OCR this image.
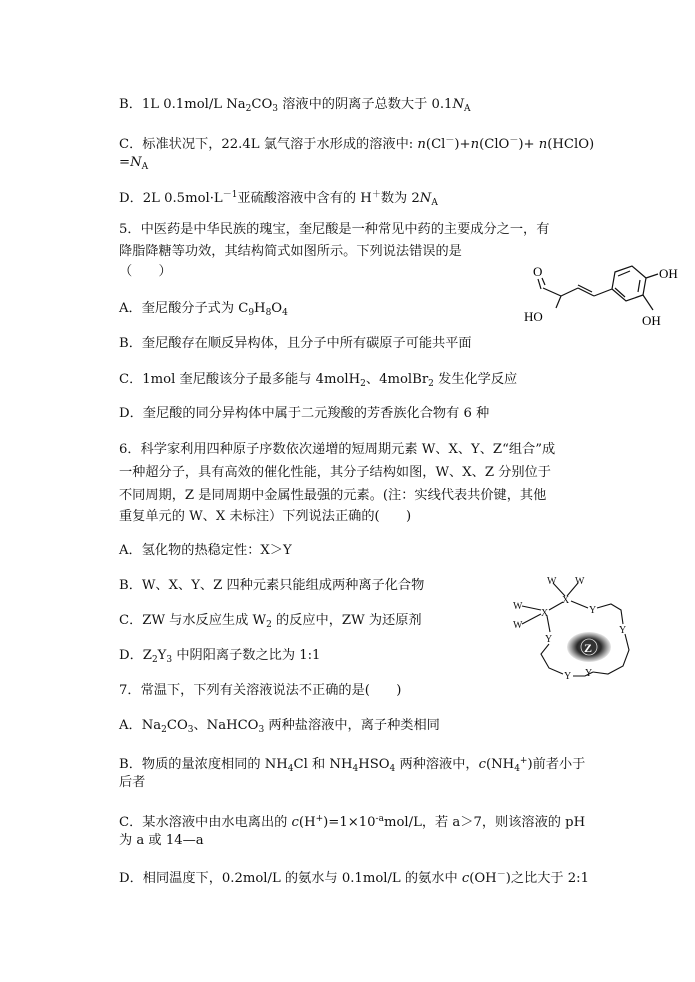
B．1L 0.1mol/L $Na_2CO_3$ 溶液中的阴离子总数大于 $0.1N_A$
C．标准状况下，22.4L 氯气溶于水形成的溶液中: n(Cl－)+n(ClO－)+ n(HClO)
$=N_A$
D．2L $0.5mol\cdot L^{-1}$亚硫酸溶液中含有的 H＋数为 $2N_A$
5．中医药是中华民族的瑰宝，奎尼酸是一种常见中药的主要成分之一，有
降脂降糖等功效，其结构简式如图所示。下列说法错误的是
（　　）
A．奎尼酸分子式为 $C_9H_8O_4$
B．奎尼酸存在顺反异构体，且分子中所有碳原子可能共平面
C．1mol 奎尼酸该分子最多能与 4molH$_2$、4molBr$_2$ 发生化学反应
D．奎尼酸的同分异构体中属于二元羧酸的芳香族化合物有 6 种
6．科学家利用四种原子序数依次递增的短周期元素 W、X、Y、Z“组合”成
一种超分子，具有高效的催化性能，其分子结构如图，W、X、Z 分别位于
不同周期，Z 是同周期中金属性最强的元素。(注：实线代表共价键，其他
重复单元的 W、X 未标注）下列说法正确的(　　)
A．氢化物的热稳定性：X＞Y
B．W、X、Y、Z 四种元素只能组成两种离子化合物
C．ZW 与水反应生成 $W_2$ 的反应中，ZW 为还原剂
D．$Z_2Y_3$ 中阴阳离子数之比为 1:1
7．常温下，下列有关溶液说法不正确的是(　　)
A．$Na_2CO_3$、NaHCO$_3$ 两种盐溶液中，离子种类相同
B．物质的量浓度相同的 $NH_4Cl$ 和 $NH_4HSO_4$ 两种溶液中，$c(NH_4^+)$前者小于
后者
C．某水溶液中由水电离出的 $c(H^+)=1\times 10^{-a}mol/L$，若 a＞7，则该溶液的 pH
为 a 或 14—a
D．相同温度下，0.2mol/L 的氨水与 0.1mol/L 的氨水中 c(OH－)之比大于 2:1
OH
OH
O
HO
Z
W W
W
W
X
X	Y
Y
Y
Y Y
